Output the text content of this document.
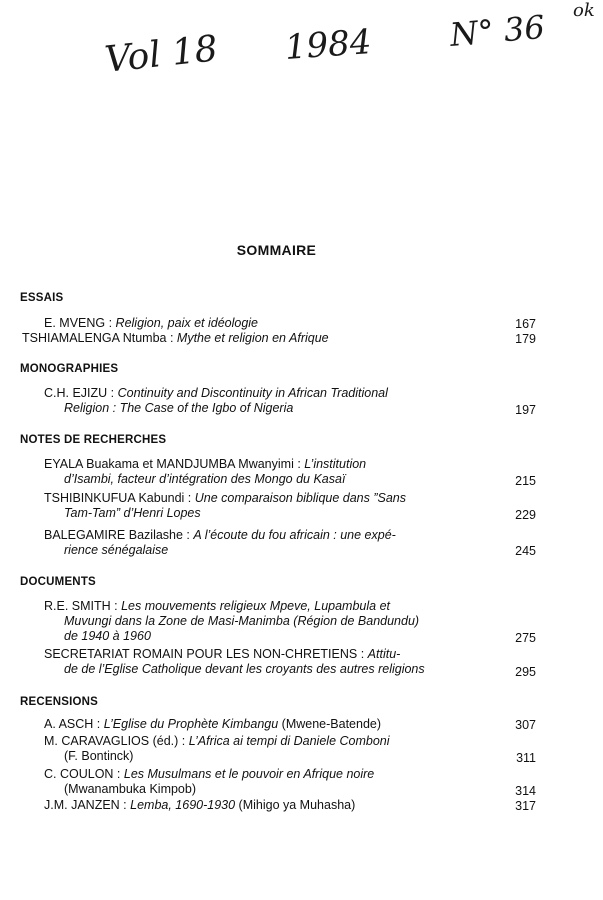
Vol 18 1984 N° 36 ok
SOMMAIRE
ESSAIS
E. MVENG : Religion, paix et idéologie	167
TSHIAMALENGA Ntumba : Mythe et religion en Afrique	179
MONOGRAPHIES
C.H. EJIZU : Continuity and Discontinuity in African Traditional
Religion : The Case of the Igbo of Nigeria	197
NOTES DE RECHERCHES
EYALA Buakama et MANDJUMBA Mwanyimi : L’institution
d’Isambi, facteur d’intégration des Mongo du Kasaï	215
TSHIBINKUFUA Kabundi : Une comparaison biblique dans ”Sans
Tam-Tam” d’Henri Lopes	229
BALEGAMIRE Bazilashe : A l’écoute du fou africain : une expé-
rience sénégalaise	245
DOCUMENTS
R.E. SMITH : Les mouvements religieux Mpeve, Lupambula et
Muvungi dans la Zone de Masi-Manimba (Région de Bandundu)
de 1940 à 1960	275
SECRETARIAT ROMAIN POUR LES NON-CHRETIENS : Attitu-
de de l’Eglise Catholique devant les croyants des autres religions	295
RECENSIONS
A. ASCH : L’Eglise du Prophète Kimbangu (Mwene-Batende)	307
M. CARAVAGLIOS (éd.) : L’Africa ai tempi di Daniele Comboni
(F. Bontinck)	311
C. COULON : Les Musulmans et le pouvoir en Afrique noire
(Mwanambuka Kimpob)	314
J.M. JANZEN : Lemba, 1690-1930 (Mihigo ya Muhasha)	317
